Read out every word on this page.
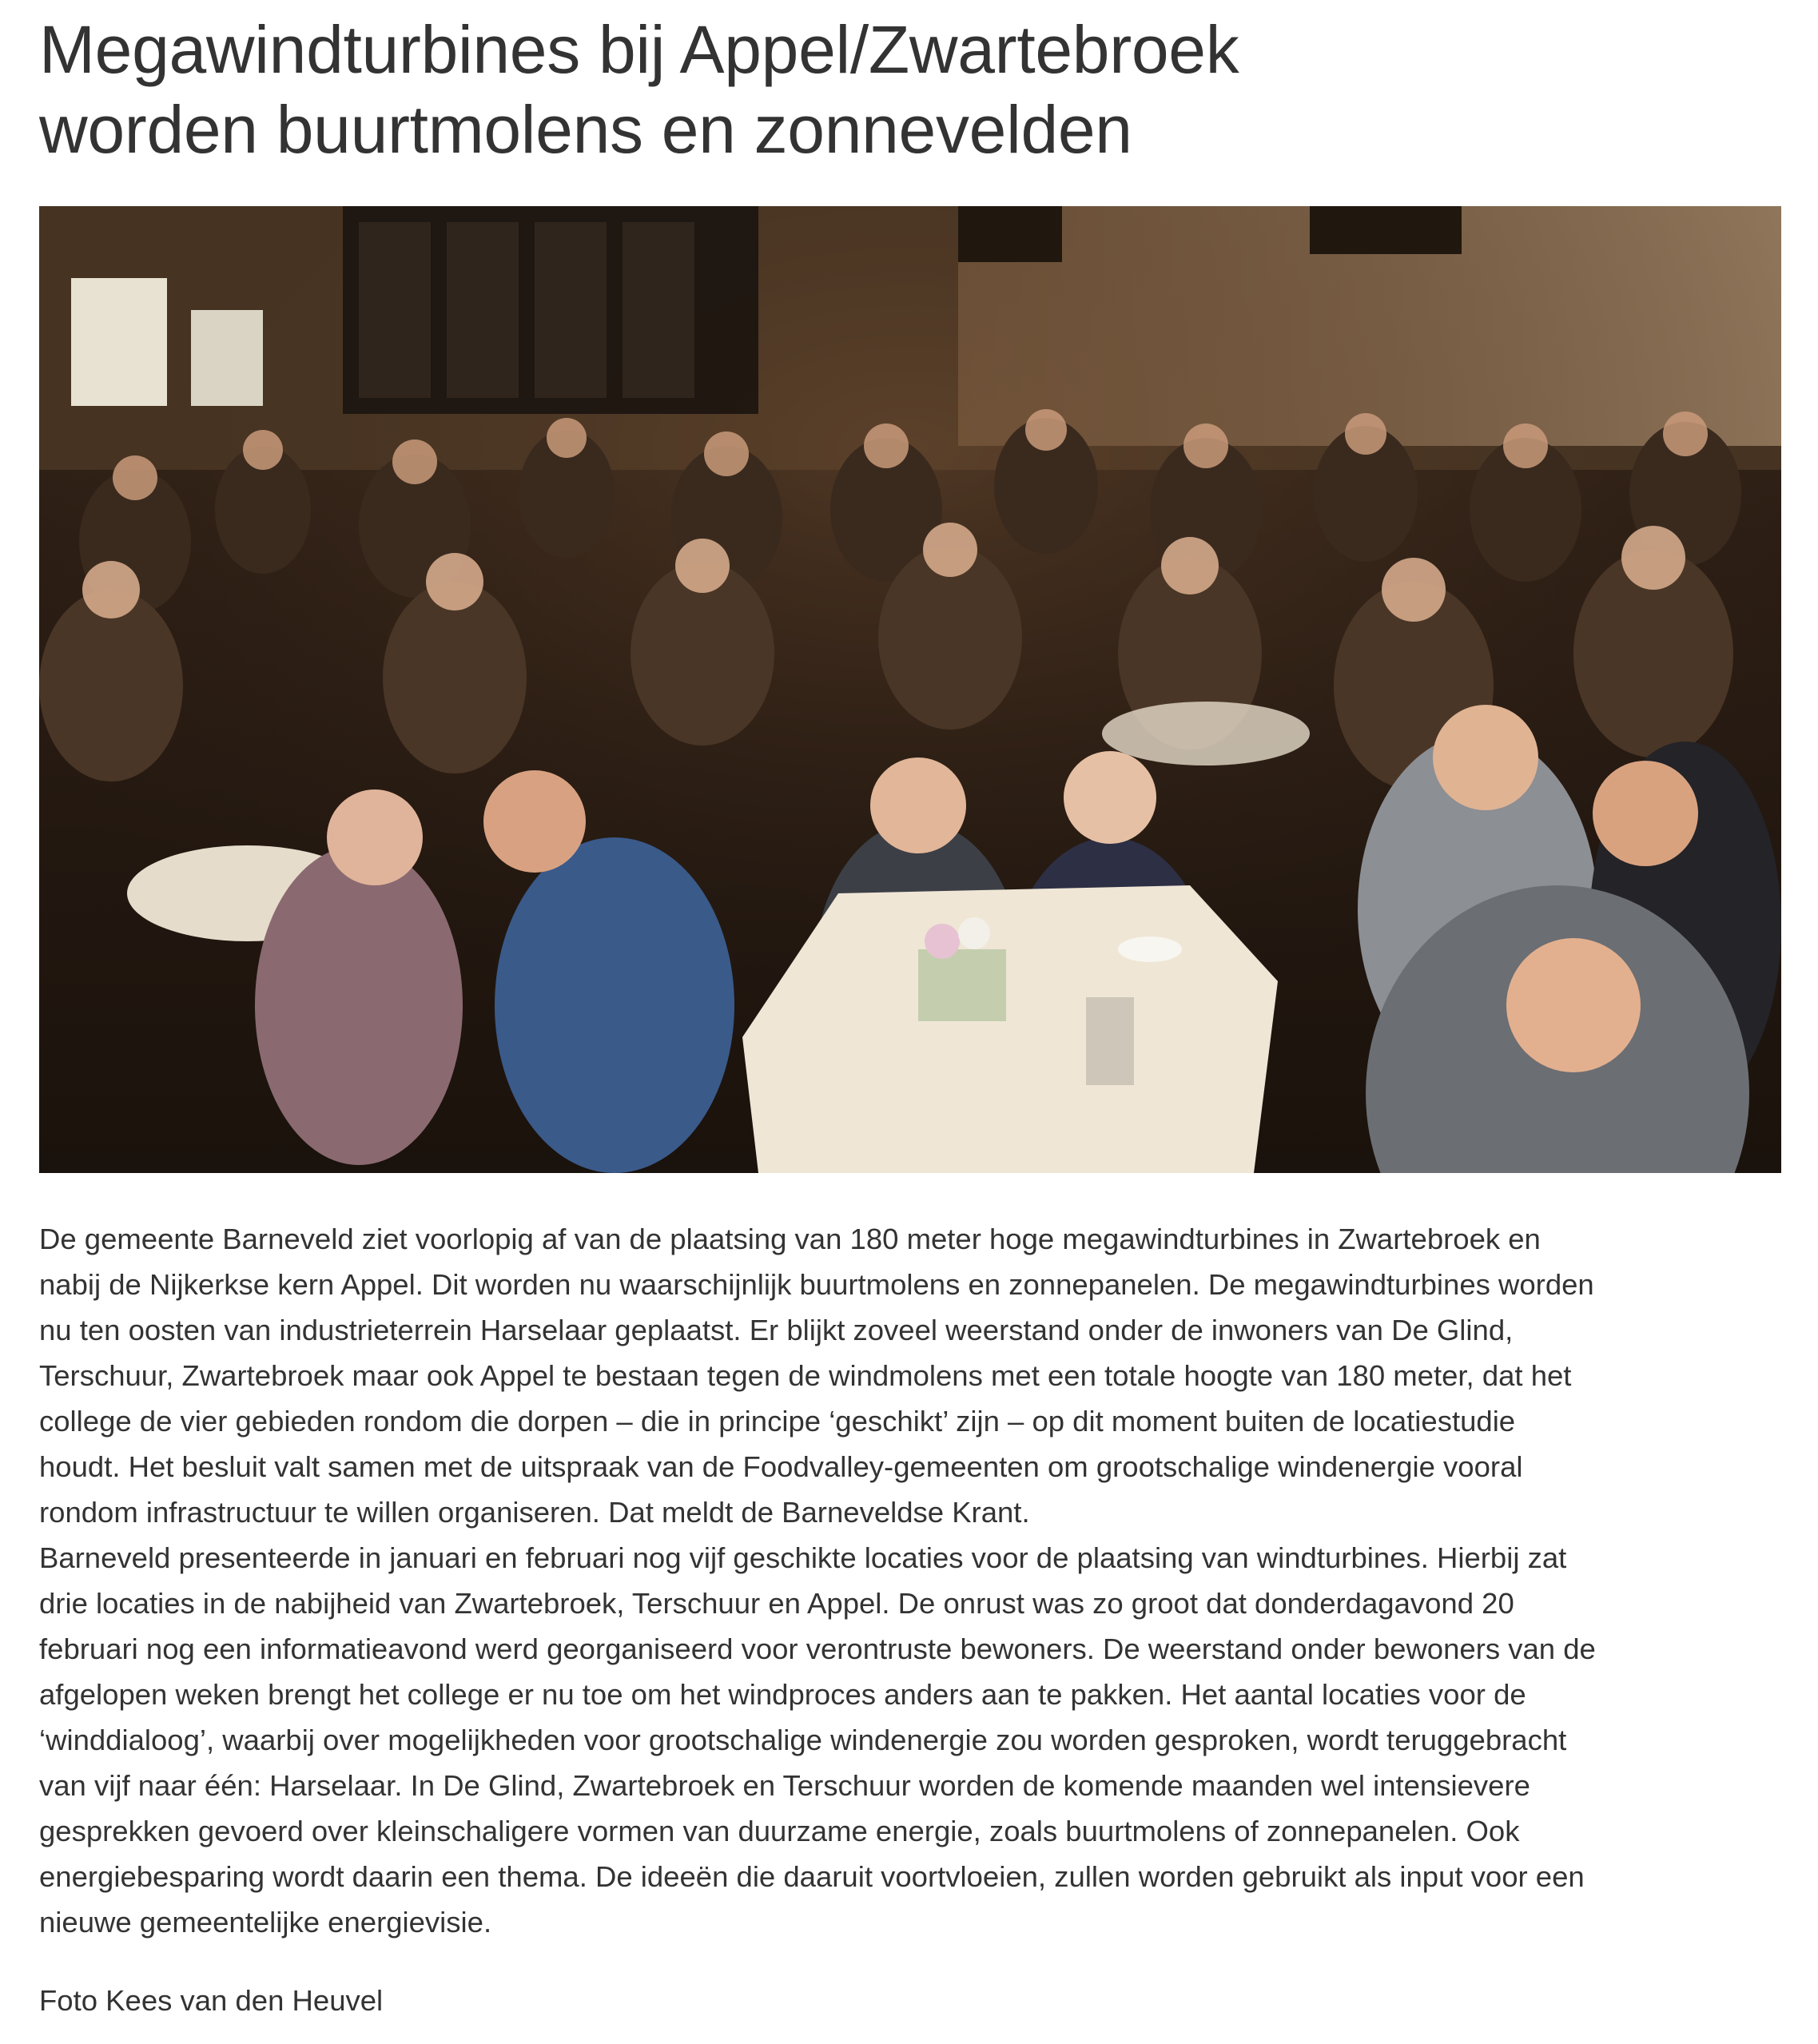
Megawindturbines bij Appel/Zwartebroek
worden buurtmolens en zonnevelden

De gemeente Barneveld ziet voorlopig af van de plaatsing van 180 meter hoge megawindturbines in Zwartebroek en
nabij de Nijkerkse kern Appel. Dit worden nu waarschijnlijk buurtmolens en zonnepanelen. De megawindturbines worden
nu ten oosten van industrieterrein Harselaar geplaatst. Er blijkt zoveel weerstand onder de inwoners van De Glind,
Terschuur, Zwartebroek maar ook Appel te bestaan tegen de windmolens met een totale hoogte van 180 meter, dat het
college de vier gebieden rondom die dorpen – die in principe ‘geschikt’ zijn – op dit moment buiten de locatiestudie
houdt. Het besluit valt samen met de uitspraak van de Foodvalley-gemeenten om grootschalige windenergie vooral
rondom infrastructuur te willen organiseren. Dat meldt de Barneveldse Krant.

Barneveld presenteerde in januari en februari nog vijf geschikte locaties voor de plaatsing van windturbines. Hierbij zat
drie locaties in de nabijheid van Zwartebroek, Terschuur en Appel. De onrust was zo groot dat donderdagavond 20
februari nog een informatieavond werd georganiseerd voor verontruste bewoners. De weerstand onder bewoners van de
afgelopen weken brengt het college er nu toe om het windproces anders aan te pakken. Het aantal locaties voor de
‘winddialoog’, waarbij over mogelijkheden voor grootschalige windenergie zou worden gesproken, wordt teruggebracht
van vijf naar één: Harselaar. In De Glind, Zwartebroek en Terschuur worden de komende maanden wel intensievere
gesprekken gevoerd over kleinschaligere vormen van duurzame energie, zoals buurtmolens of zonnepanelen. Ook
energiebesparing wordt daarin een thema. De ideeën die daaruit voortvloeien, zullen worden gebruikt als input voor een
nieuwe gemeentelijke energievisie.

Foto Kees van den Heuvel
